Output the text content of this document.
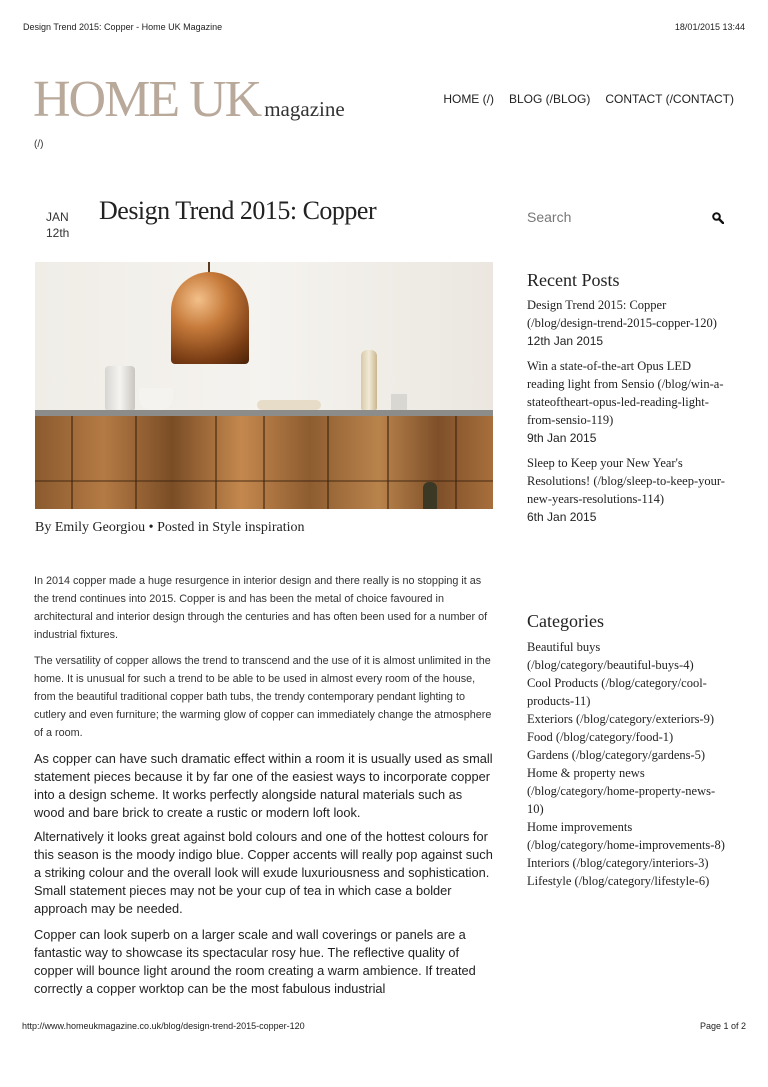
Design Trend 2015: Copper - Home UK Magazine	18/01/2015 13:44
HOME UK magazine
(/)
HOME (/) BLOG (/BLOG) CONTACT (/CONTACT)
JAN
12th
Design Trend 2015: Copper
By Emily Georgiou • Posted in Style inspiration

In 2014 copper made a huge resurgence in interior design and there really is no stopping it as the trend continues into 2015. Copper is and has been the metal of choice favoured in architectural and interior design through the centuries and has often been used for a number of industrial fixtures.

The versatility of copper allows the trend to transcend and the use of it is almost unlimited in the home. It is unusual for such a trend to be able to be used in almost every room of the house, from the beautiful traditional copper bath tubs, the trendy contemporary pendant lighting to cutlery and even furniture; the warming glow of copper can immediately change the atmosphere of a room.

As copper can have such dramatic effect within a room it is usually used as small statement pieces because it by far one of the easiest ways to incorporate copper into a design scheme. It works perfectly alongside natural materials such as wood and bare brick to create a rustic or modern loft look.

Alternatively it looks great against bold colours and one of the hottest colours for this season is the moody indigo blue. Copper accents will really pop against such a striking colour and the overall look will exude luxuriousness and sophistication. Small statement pieces may not be your cup of tea in which case a bolder approach may be needed.

Copper can look superb on a larger scale and wall coverings or panels are a fantastic way to showcase its spectacular rosy hue. The reflective quality of copper will bounce light around the room creating a warm ambience. If treated correctly a copper worktop can be the most fabulous industrial

Search
Recent Posts
Design Trend 2015: Copper (/blog/design-trend-2015-copper-120)
12th Jan 2015
Win a state-of-the-art Opus LED reading light from Sensio (/blog/win-a-stateoftheart-opus-led-reading-light-from-sensio-119)
9th Jan 2015
Sleep to Keep your New Year's Resolutions! (/blog/sleep-to-keep-your-new-years-resolutions-114)
6th Jan 2015
Categories
Beautiful buys (/blog/category/beautiful-buys-4)
Cool Products (/blog/category/cool-products-11)
Exteriors (/blog/category/exteriors-9)
Food (/blog/category/food-1)
Gardens (/blog/category/gardens-5)
Home & property news (/blog/category/home-property-news-10)
Home improvements (/blog/category/home-improvements-8)
Interiors (/blog/category/interiors-3)
Lifestyle (/blog/category/lifestyle-6)
http://www.homeukmagazine.co.uk/blog/design-trend-2015-copper-120	Page 1 of 2
